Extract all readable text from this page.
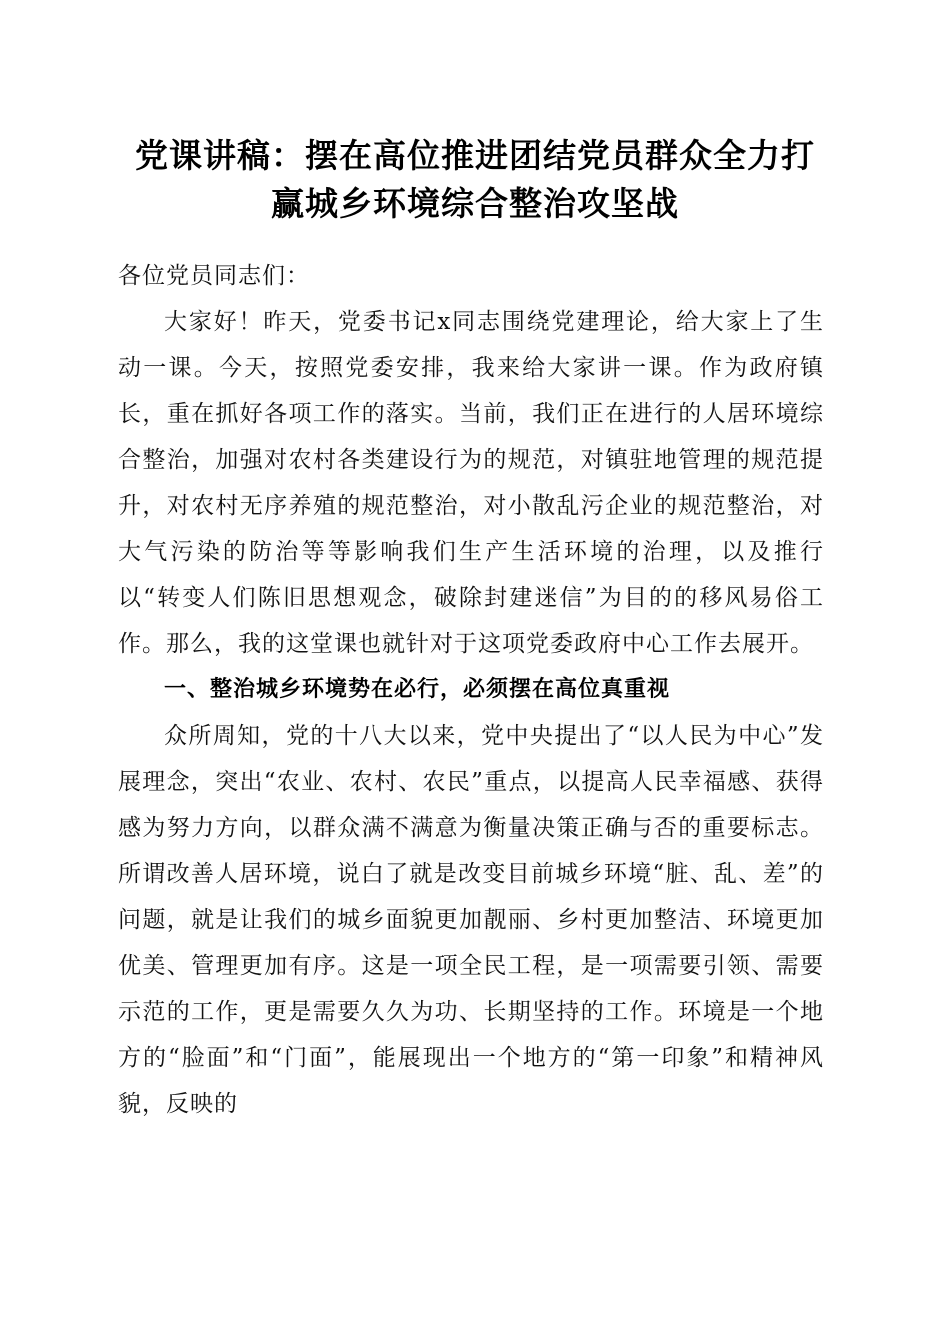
党课讲稿：摆在高位推进团结党员群众全力打
赢城乡环境综合整治攻坚战

各位党员同志们：

大家好！昨天，党委书记x同志围绕党建理论，给大家上了生动一课。今天，按照党委安排，我来给大家讲一课。作为政府镇长，重在抓好各项工作的落实。当前，我们正在进行的人居环境综合整治，加强对农村各类建设行为的规范，对镇驻地管理的规范提升，对农村无序养殖的规范整治，对小散乱污企业的规范整治，对大气污染的防治等等影响我们生产生活环境的治理，以及推行以“转变人们陈旧思想观念，破除封建迷信”为目的的移风易俗工作。那么，我的这堂课也就针对于这项党委政府中心工作去展开。

一、整治城乡环境势在必行，必须摆在高位真重视

众所周知，党的十八大以来，党中央提出了“以人民为中心”发展理念，突出“农业、农村、农民”重点，以提高人民幸福感、获得感为努力方向，以群众满不满意为衡量决策正确与否的重要标志。所谓改善人居环境，说白了就是改变目前城乡环境“脏、乱、差”的问题，就是让我们的城乡面貌更加靓丽、乡村更加整洁、环境更加优美、管理更加有序。这是一项全民工程，是一项需要引领、需要示范的工作，更是需要久久为功、长期坚持的工作。环境是一个地方的“脸面”和“门面”，能展现出一个地方的“第一印象”和精神风貌，反映的
